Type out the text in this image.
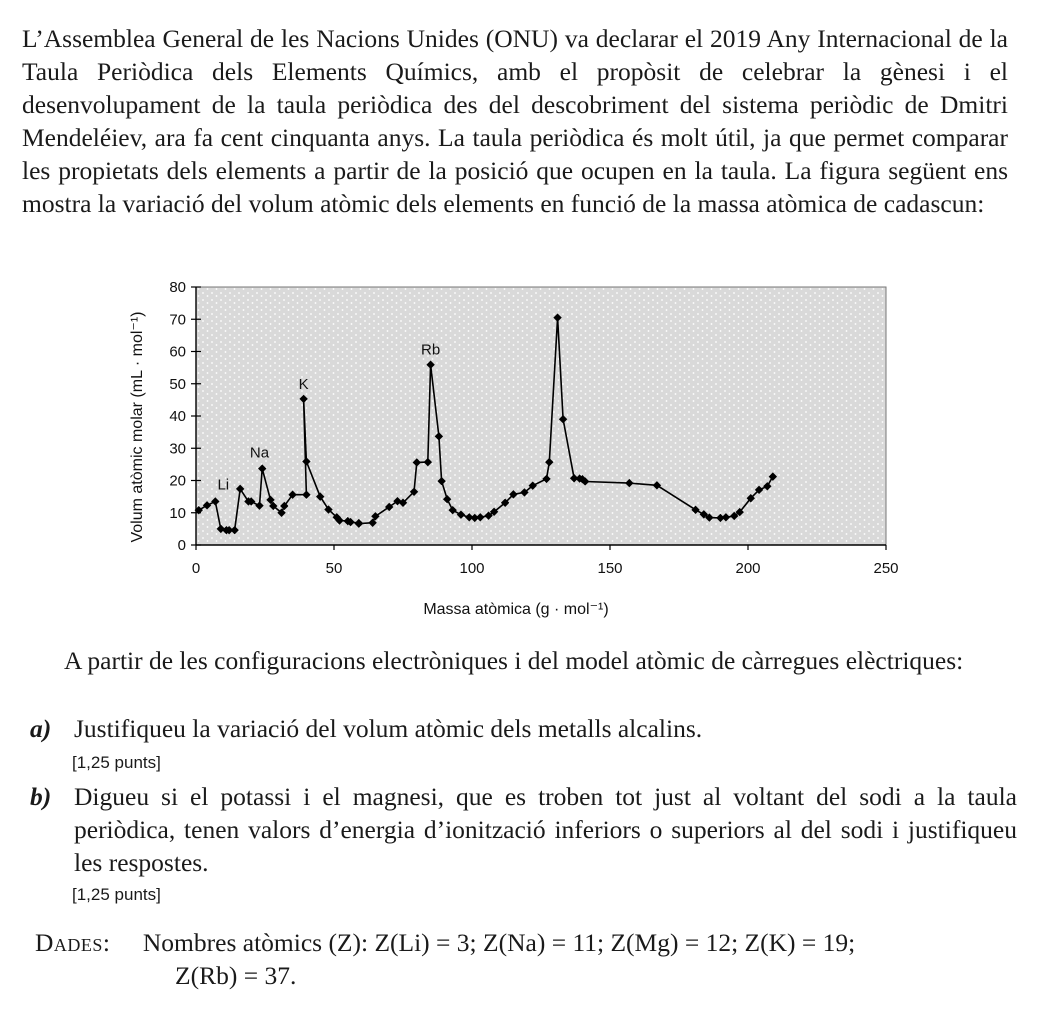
L’Assemblea General de les Nacions Unides (ONU) va declarar el 2019 Any Internacional de la Taula Periòdica dels Elements Químics, amb el propòsit de celebrar la gènesi i el desenvolupament de la taula periòdica des del descobriment del sistema periòdic de Dmitri Mendeléiev, ara fa cent cinquanta anys. La taula periòdica és molt útil, ja que permet comparar les propietats dels elements a partir de la posició que ocupen en la taula. La figura següent ens mostra la variació del volum atòmic dels elements en funció de la massa atòmica de cadascun:

0
10
20
30
40
50
60
70
80
0	50	100	150	200	250
Li
Na
K
Rb
Massa atòmica (g · mol⁻¹)
Volum atòmic molar (mL · mol⁻¹)

A partir de les configuracions electròniques i del model atòmic de càrregues elèctriques:

a) Justifiqueu la variació del volum atòmic dels metalls alcalins.
[1,25 punts]
b) Digueu si el potassi i el magnesi, que es troben tot just al voltant del sodi a la taula periòdica, tenen valors d’energia d’ionització inferiors o superiors al del sodi i justifiqueu les respostes.
[1,25 punts]
Dades: Nombres atòmics (Z): Z(Li) = 3; Z(Na) = 11; Z(Mg) = 12; Z(K) = 19;
Z(Rb) = 37.
